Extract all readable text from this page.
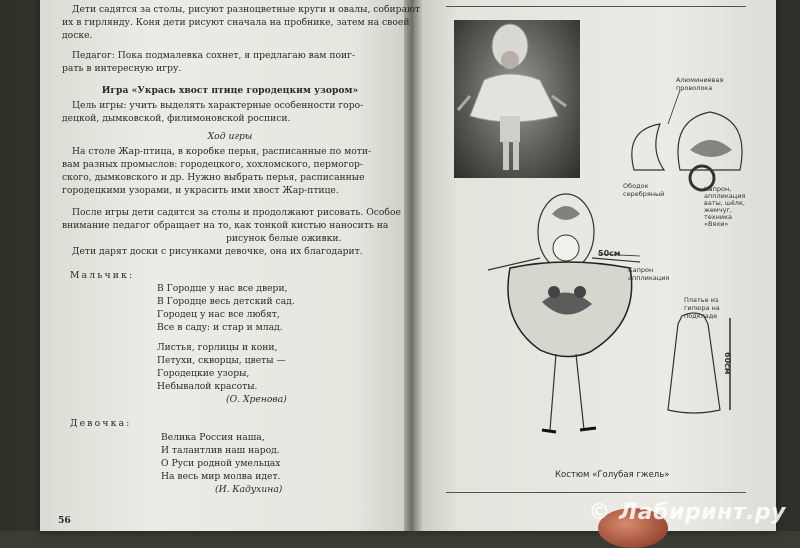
Дети садятся за столы, рисуют разноцветные круги и овалы, собирают
их в гирлянду. Коня дети рисуют сначала на пробнике, затем на своей
доске.
Педагог: Пока подмалевка сохнет, я предлагаю вам поиг-
рать в интересную игру.
Игра «Укрась хвост птице городецким узором»
Цель игры: учить выделять характерные особенности горо-
децкой, дымковской, филимоновской росписи.
Ход игры
На столе Жар-птица, в коробке перья, расписанные по моти-
вам разных промыслов: городецкого, хохломского, пермогор-
ского, дымковского и др. Нужно выбрать перья, расписанные
городецкими узорами, и украсить ими хвост Жар-птице.
После игры дети садятся за столы и продолжают рисовать. Особое
внимание педагог обращает на то, как тонкой кистью наносить на
рисунок белые оживки.
Дети дарят доски с рисунками девочке, она их благодарит.
Мальчик:
В Городце у нас все двери,
В Городце весь детский сад.
Городец у нас все любят,
Все в саду: и стар и млад.
Листья, горлицы и кони,
Петухи, скворцы, цветы —
Городецкие узоры,
Небывалой красоты.
(О. Хренова)
Девочка:
Велика Россия наша,
И талантлив наш народ.
О Руси родной умельцах
На весь мир молва идет.
(И. Кадухина)
56
Алюминиевая
проволока
Ободок
серебряный
Капрон,
аппликация
ваты, шёлк,
жемчуг,
техника
«Вяхи»
50см
Капрон
аппликация
Платье из
гипюра на
подкладе
60см
Костюм «Голубая гжель»
© Лабиринт.ру
